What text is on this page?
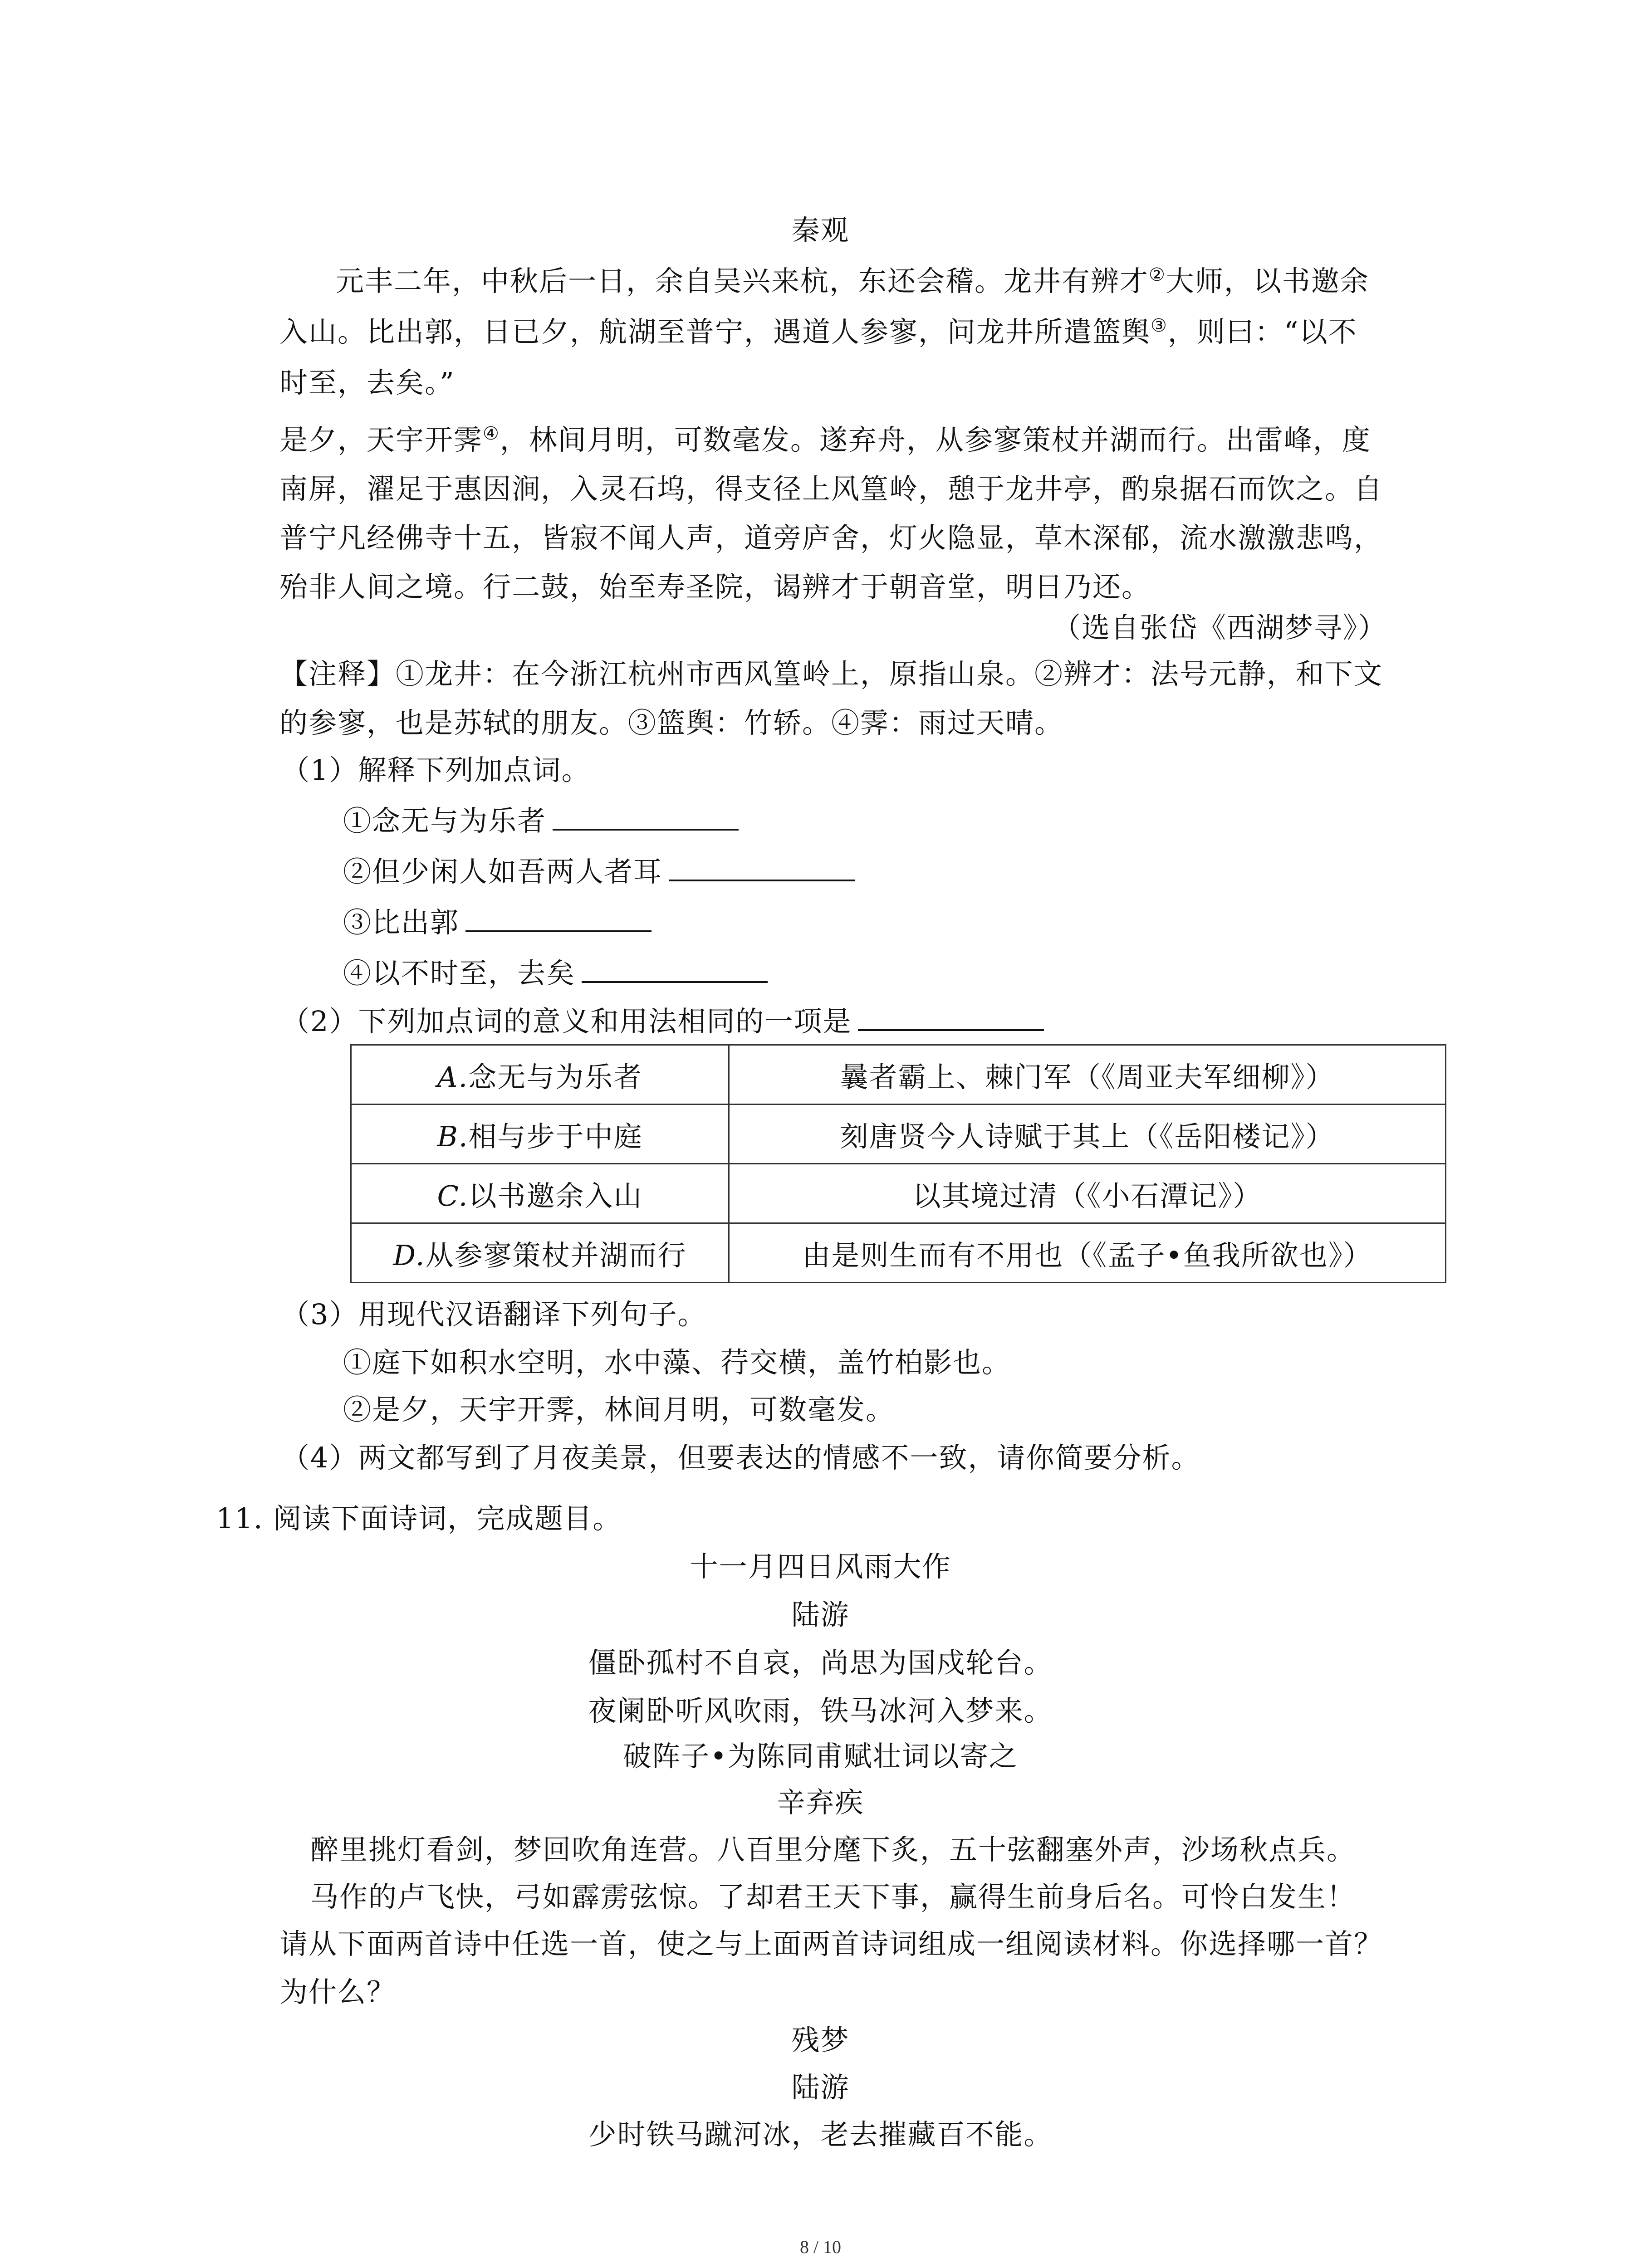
秦观
元丰二年，中秋后一日，余自吴兴来杭，东还会稽。龙井有辨才②大师，以书邀余
入山。比出郭，日已夕，航湖至普宁，遇道人参寥，问龙井所遣篮舆③，则曰：“以不
时至，去矣。”
是夕，天宇开霁④，林间月明，可数毫发。遂弃舟，从参寥策杖并湖而行。出雷峰，度
南屏，濯足于惠因涧，入灵石坞，得支径上风篁岭，憩于龙井亭，酌泉据石而饮之。自
普宁凡经佛寺十五，皆寂不闻人声，道旁庐舍，灯火隐显，草木深郁，流水激激悲鸣，
殆非人间之境。行二鼓，始至寿圣院，谒辨才于朝音堂，明日乃还。
（选自张岱《西湖梦寻》）
【注释】①龙井：在今浙江杭州市西风篁岭上，原指山泉。②辨才：法号元静，和下文
的参寥，也是苏轼的朋友。③篮舆：竹轿。④霁：雨过天晴。
（1）解释下列加点词。
①念无与为乐者
②但少闲人如吾两人者耳
③比出郭
④以不时至，去矣
（2）下列加点词的意义和用法相同的一项是
A.念无与为乐者	曩者霸上、棘门军（《周亚夫军细柳》）
B.相与步于中庭	刻唐贤今人诗赋于其上（《岳阳楼记》）
C.以书邀余入山	以其境过清（《小石潭记》）
D.从参寥策杖并湖而行	由是则生而有不用也（《孟子•鱼我所欲也》）
（3）用现代汉语翻译下列句子。
①庭下如积水空明，水中藻、荇交横，盖竹柏影也。
②是夕，天宇开霁，林间月明，可数毫发。
（4）两文都写到了月夜美景，但要表达的情感不一致，请你简要分析。
11. 阅读下面诗词，完成题目。
十一月四日风雨大作
陆游
僵卧孤村不自哀，尚思为国戍轮台。
夜阑卧听风吹雨，铁马冰河入梦来。
破阵子•为陈同甫赋壮词以寄之
辛弃疾
醉里挑灯看剑，梦回吹角连营。八百里分麾下炙，五十弦翻塞外声，沙场秋点兵。
马作的卢飞快，弓如霹雳弦惊。了却君王天下事，赢得生前身后名。可怜白发生！
请从下面两首诗中任选一首，使之与上面两首诗词组成一组阅读材料。你选择哪一首？
为什么？
残梦
陆游
少时铁马蹴河冰，老去摧藏百不能。
8 / 10
